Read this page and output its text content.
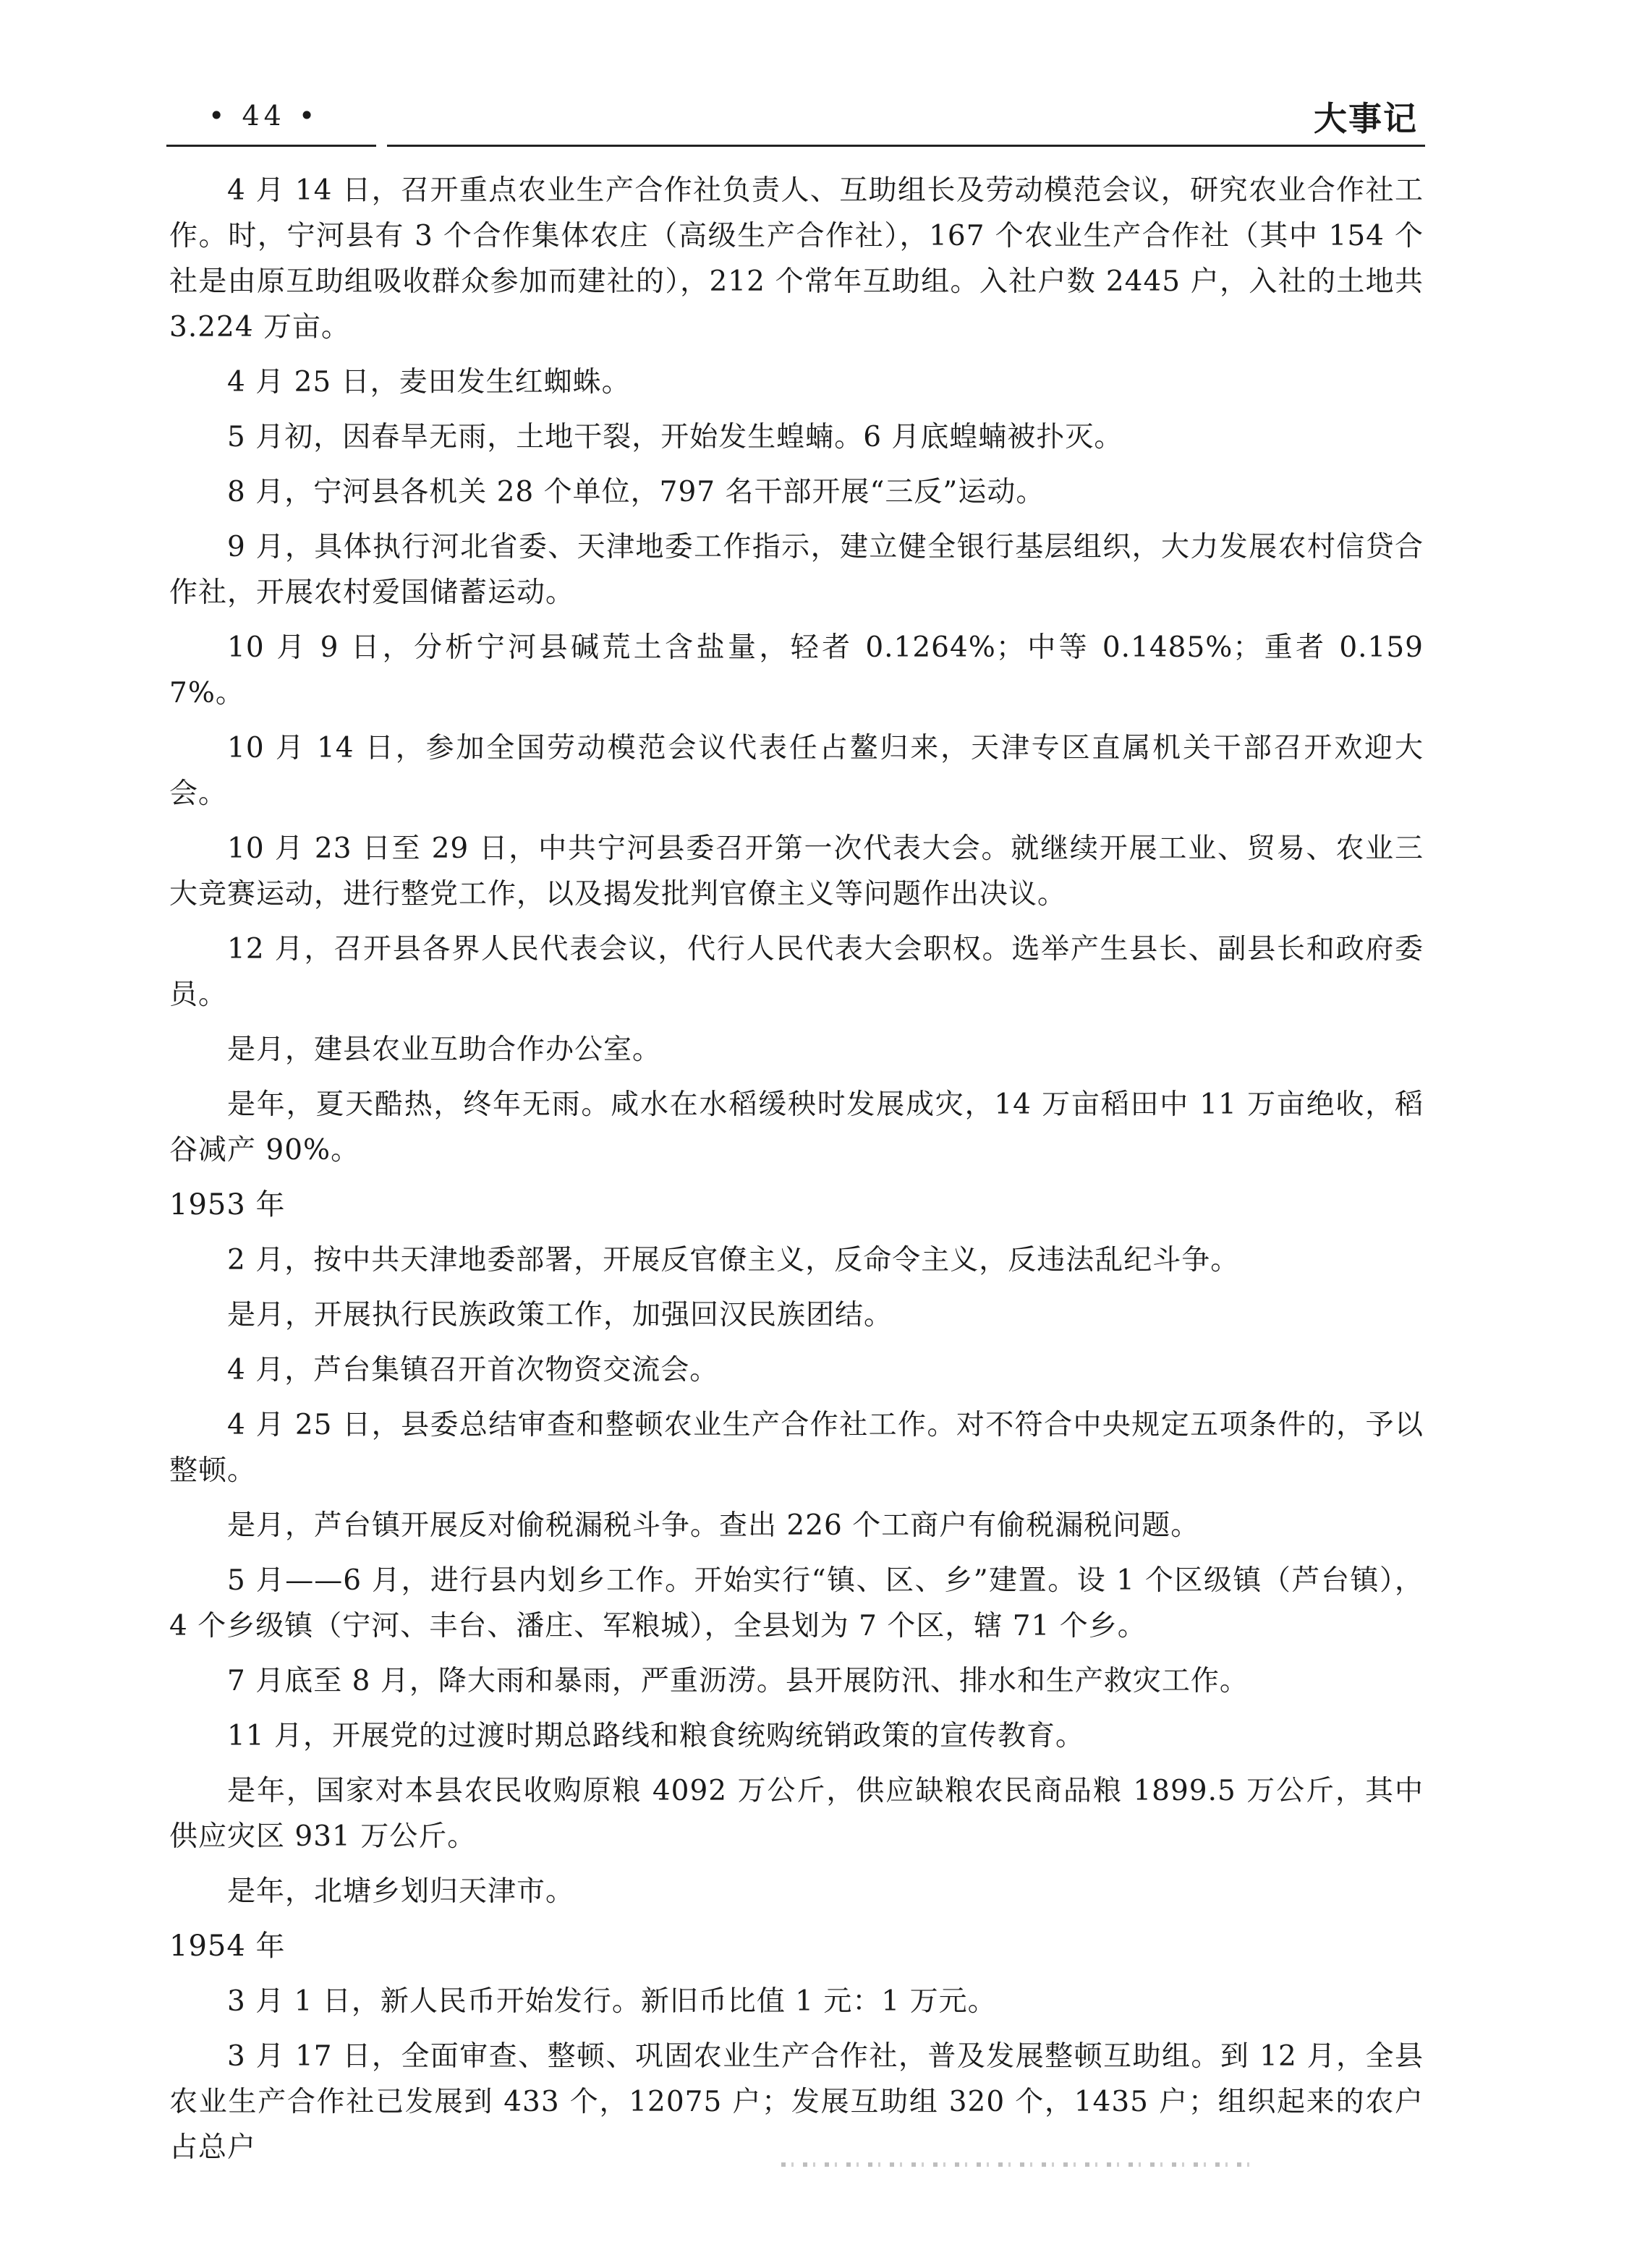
• 44 •	大事记

4 月 14 日，召开重点农业生产合作社负责人、互助组长及劳动模范会议，研究农业合作社工作。时，宁河县有 3 个合作集体农庄（高级生产合作社），167 个农业生产合作社（其中 154 个社是由原互助组吸收群众参加而建社的），212 个常年互助组。入社户数 2445 户，入社的土地共 3.224 万亩。

4 月 25 日，麦田发生红蜘蛛。

5 月初，因春旱无雨，土地干裂，开始发生蝗蝻。6 月底蝗蝻被扑灭。

8 月，宁河县各机关 28 个单位，797 名干部开展“三反”运动。

9 月，具体执行河北省委、天津地委工作指示，建立健全银行基层组织，大力发展农村信贷合作社，开展农村爱国储蓄运动。

10 月 9 日，分析宁河县碱荒土含盐量，轻者 0.1264%；中等 0.1485%；重者 0.1597%。

10 月 14 日，参加全国劳动模范会议代表任占鳌归来，天津专区直属机关干部召开欢迎大会。

10 月 23 日至 29 日，中共宁河县委召开第一次代表大会。就继续开展工业、贸易、农业三大竞赛运动，进行整党工作，以及揭发批判官僚主义等问题作出决议。

12 月，召开县各界人民代表会议，代行人民代表大会职权。选举产生县长、副县长和政府委员。

是月，建县农业互助合作办公室。

是年，夏天酷热，终年无雨。咸水在水稻缓秧时发展成灾，14 万亩稻田中 11 万亩绝收，稻谷减产 90%。

1953 年

2 月，按中共天津地委部署，开展反官僚主义，反命令主义，反违法乱纪斗争。

是月，开展执行民族政策工作，加强回汉民族团结。

4 月，芦台集镇召开首次物资交流会。

4 月 25 日，县委总结审查和整顿农业生产合作社工作。对不符合中央规定五项条件的，予以整顿。

是月，芦台镇开展反对偷税漏税斗争。查出 226 个工商户有偷税漏税问题。

5 月——6 月，进行县内划乡工作。开始实行“镇、区、乡”建置。设 1 个区级镇（芦台镇），4 个乡级镇（宁河、丰台、潘庄、军粮城），全县划为 7 个区，辖 71 个乡。

7 月底至 8 月，降大雨和暴雨，严重沥涝。县开展防汛、排水和生产救灾工作。

11 月，开展党的过渡时期总路线和粮食统购统销政策的宣传教育。

是年，国家对本县农民收购原粮 4092 万公斤，供应缺粮农民商品粮 1899.5 万公斤，其中供应灾区 931 万公斤。

是年，北塘乡划归天津市。

1954 年

3 月 1 日，新人民币开始发行。新旧币比值 1 元：1 万元。

3 月 17 日，全面审查、整顿、巩固农业生产合作社，普及发展整顿互助组。到 12 月，全县农业生产合作社已发展到 433 个，12075 户；发展互助组 320 个，1435 户；组织起来的农户占总户
